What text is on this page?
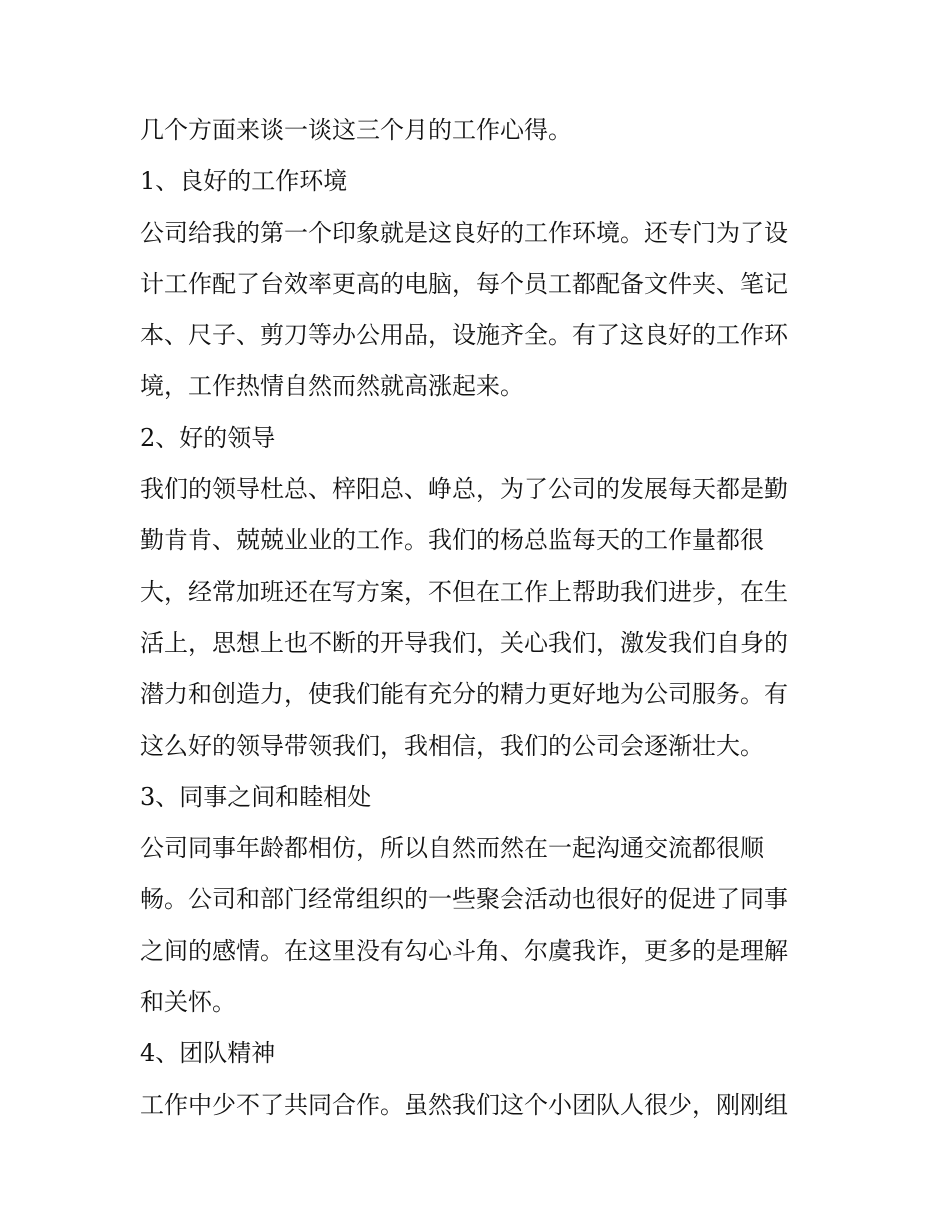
几个方面来谈一谈这三个月的工作心得。

1、良好的工作环境

公司给我的第一个印象就是这良好的工作环境。还专门为了设

计工作配了台效率更高的电脑，每个员工都配备文件夹、笔记

本、尺子、剪刀等办公用品，设施齐全。有了这良好的工作环

境，工作热情自然而然就高涨起来。

2、好的领导

我们的领导杜总、梓阳总、峥总，为了公司的发展每天都是勤

勤肯肯、兢兢业业的工作。我们的杨总监每天的工作量都很

大，经常加班还在写方案，不但在工作上帮助我们进步，在生

活上，思想上也不断的开导我们，关心我们，激发我们自身的

潜力和创造力，使我们能有充分的精力更好地为公司服务。有

这么好的领导带领我们，我相信，我们的公司会逐渐壮大。

3、同事之间和睦相处

公司同事年龄都相仿，所以自然而然在一起沟通交流都很顺

畅。公司和部门经常组织的一些聚会活动也很好的促进了同事

之间的感情。在这里没有勾心斗角、尔虞我诈，更多的是理解

和关怀。

4、团队精神

工作中少不了共同合作。虽然我们这个小团队人很少，刚刚组
